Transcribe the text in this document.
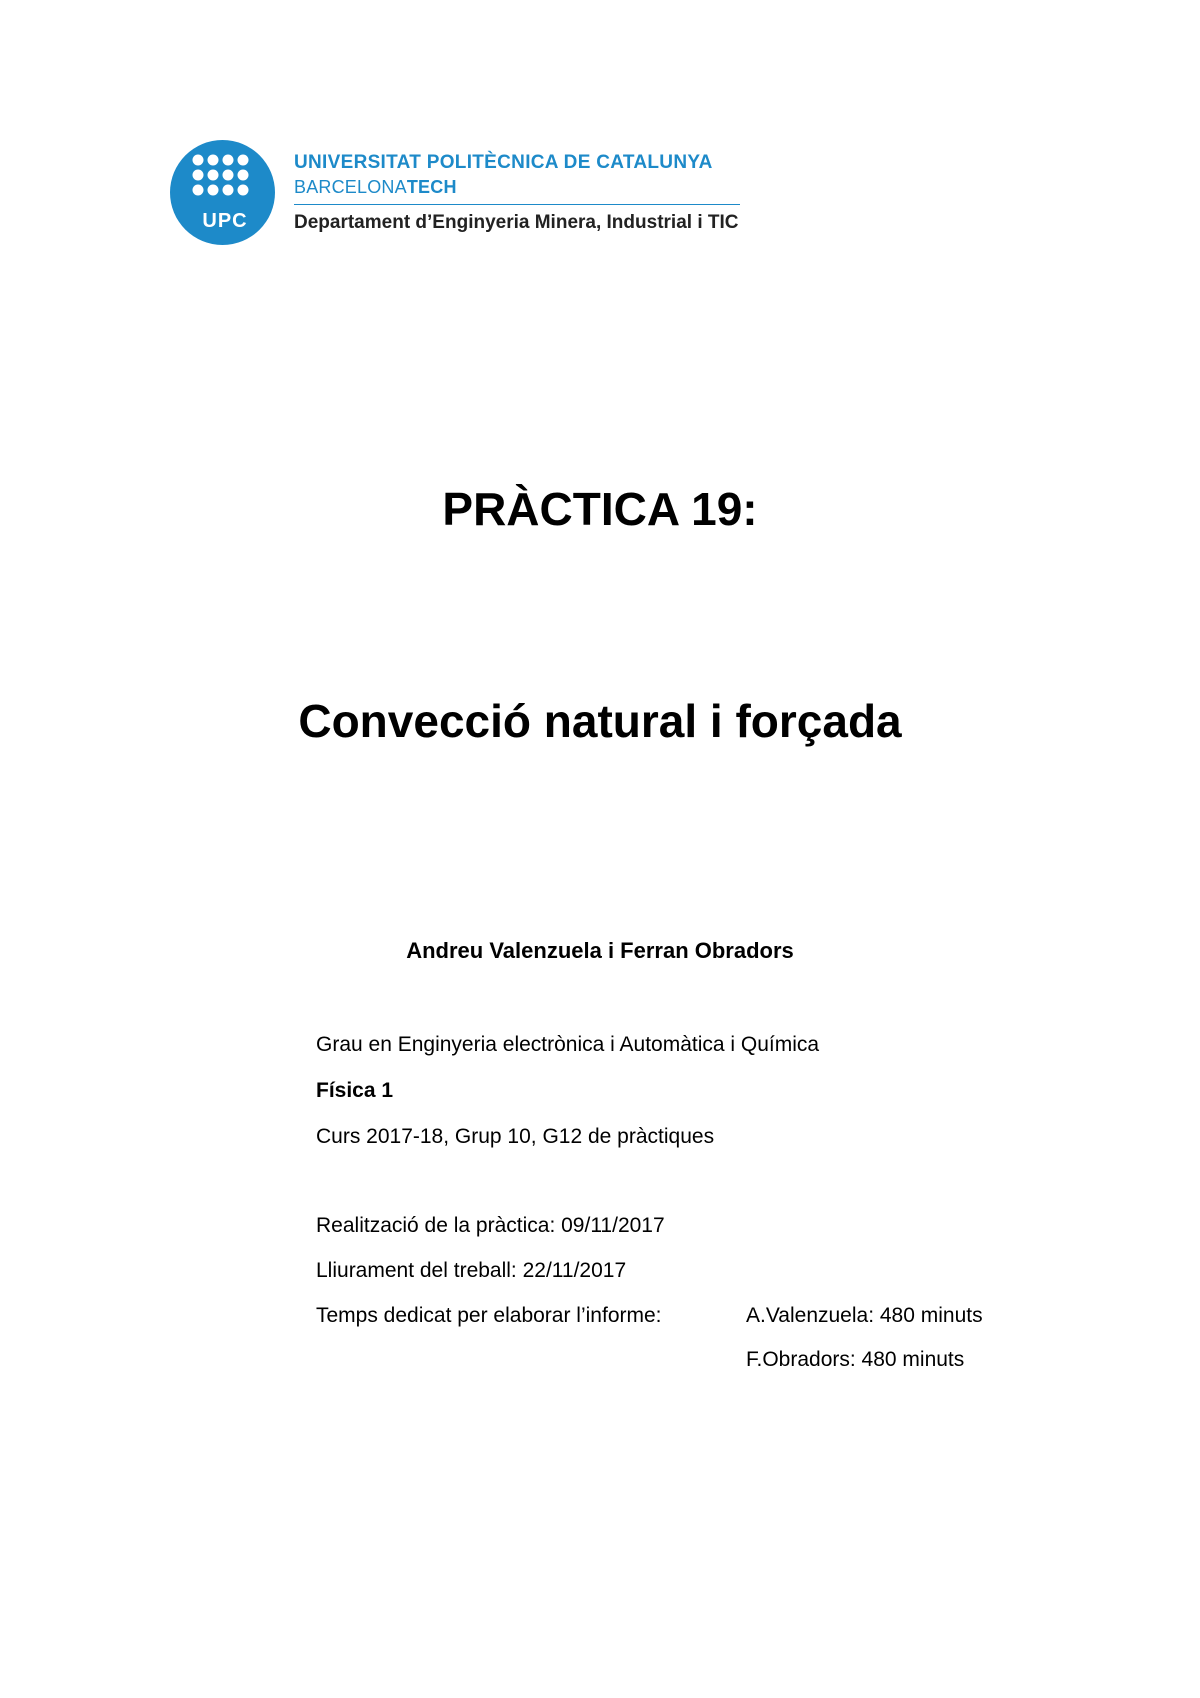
UPC
UNIVERSITAT POLITÈCNICA DE CATALUNYA
BARCELONATECH
Departament d’Enginyeria Minera, Industrial i TIC
PRÀCTICA 19:
Convecció natural i forçada
Andreu Valenzuela i Ferran Obradors
Grau en Enginyeria electrònica i Automàtica i Química
Física 1
Curs 2017-18, Grup 10, G12 de pràctiques
Realització de la pràctica: 09/11/2017
Lliurament del treball: 22/11/2017
Temps dedicat per elaborar l’informe:	A.Valenzuela: 480 minuts
F.Obradors: 480 minuts
